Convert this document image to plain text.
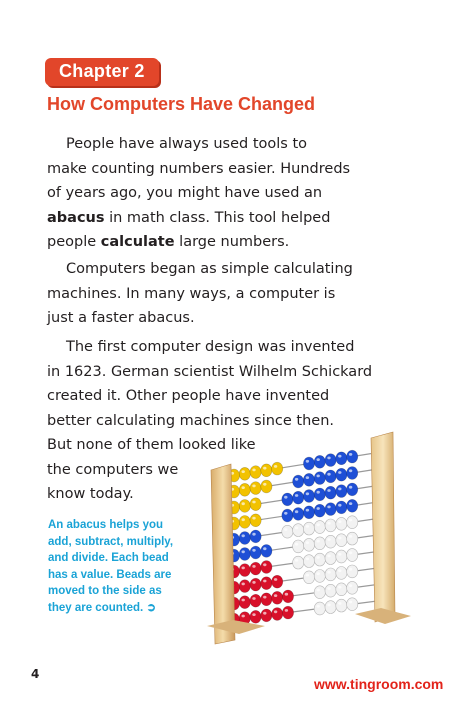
Chapter 2
How Computers Have Changed

People have always used tools to

make counting numbers easier. Hundreds

of years ago, you might have used an

abacus in math class. This tool helped

people calculate large numbers.

Computers began as simple calculating

machines. In many ways, a computer is

just a faster abacus.

The first computer design was invented

in 1623. German scientist Wilhelm Schickard

created it. Other people have invented

better calculating machines since then.

But none of them looked like

the computers we

know today.

An abacus helps you

add, subtract, multiply,

and divide. Each bead

has a value. Beads are

moved to the side as

they are counted. ➲

4
www.tingroom.com
